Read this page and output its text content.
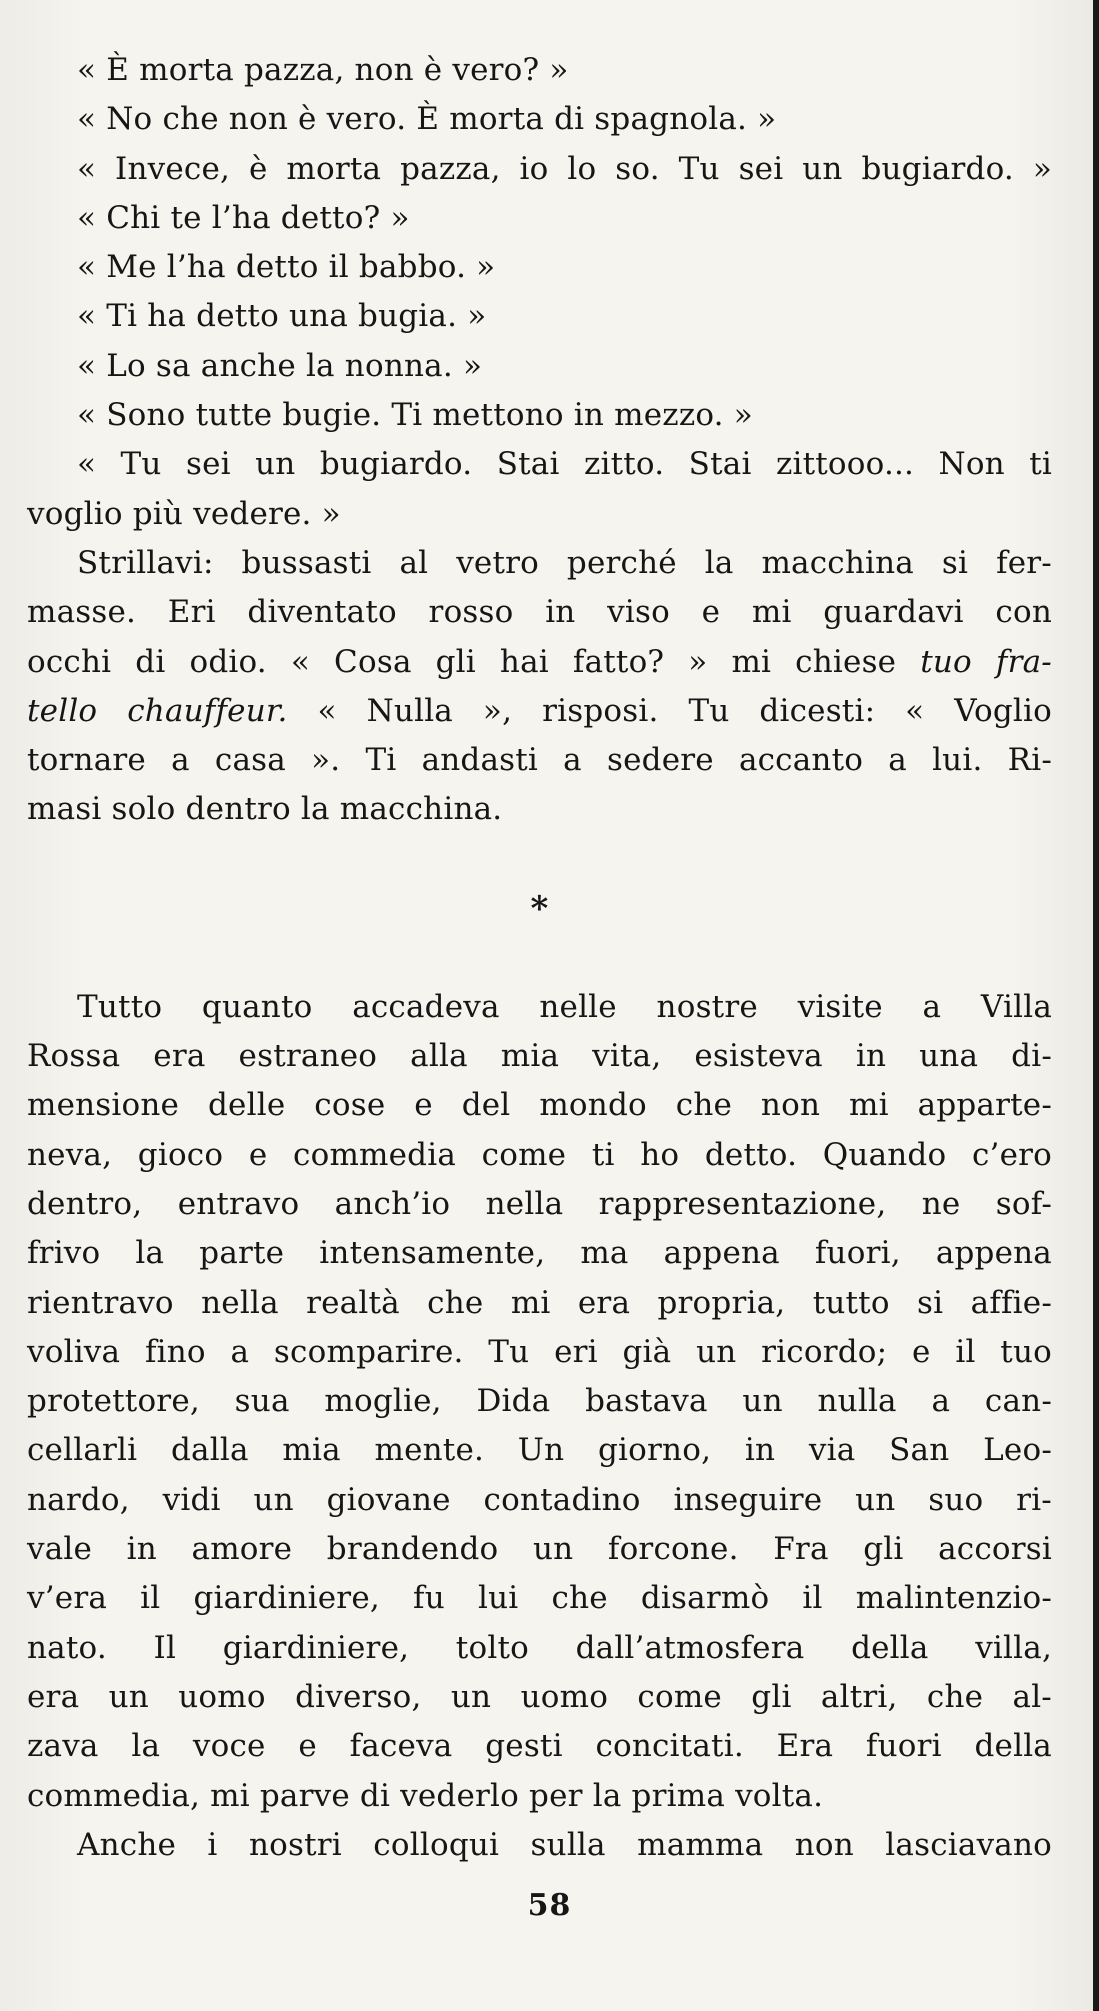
« È morta pazza, non è vero? »
« No che non è vero. È morta di spagnola. »
« Invece, è morta pazza, io lo so. Tu sei un bugiardo. »
« Chi te l’ha detto? »
« Me l’ha detto il babbo. »
« Ti ha detto una bugia. »
« Lo sa anche la nonna. »
« Sono tutte bugie. Ti mettono in mezzo. »
« Tu sei un bugiardo. Stai zitto. Stai zittooo... Non ti
voglio più vedere. »
Strillavi: bussasti al vetro perché la macchina si fer-
masse. Eri diventato rosso in viso e mi guardavi con
occhi di odio. « Cosa gli hai fatto? » mi chiese tuo fra-
tello chauffeur. « Nulla », risposi. Tu dicesti: « Voglio
tornare a casa ». Ti andasti a sedere accanto a lui. Ri-
masi solo dentro la macchina.
*
Tutto quanto accadeva nelle nostre visite a Villa
Rossa era estraneo alla mia vita, esisteva in una di-
mensione delle cose e del mondo che non mi apparte-
neva, gioco e commedia come ti ho detto. Quando c’ero
dentro, entravo anch’io nella rappresentazione, ne sof-
frivo la parte intensamente, ma appena fuori, appena
rientravo nella realtà che mi era propria, tutto si affie-
voliva fino a scomparire. Tu eri già un ricordo; e il tuo
protettore, sua moglie, Dida bastava un nulla a can-
cellarli dalla mia mente. Un giorno, in via San Leo-
nardo, vidi un giovane contadino inseguire un suo ri-
vale in amore brandendo un forcone. Fra gli accorsi
v’era il giardiniere, fu lui che disarmò il malintenzio-
nato. Il giardiniere, tolto dall’atmosfera della villa,
era un uomo diverso, un uomo come gli altri, che al-
zava la voce e faceva gesti concitati. Era fuori della
commedia, mi parve di vederlo per la prima volta.
Anche i nostri colloqui sulla mamma non lasciavano
58
